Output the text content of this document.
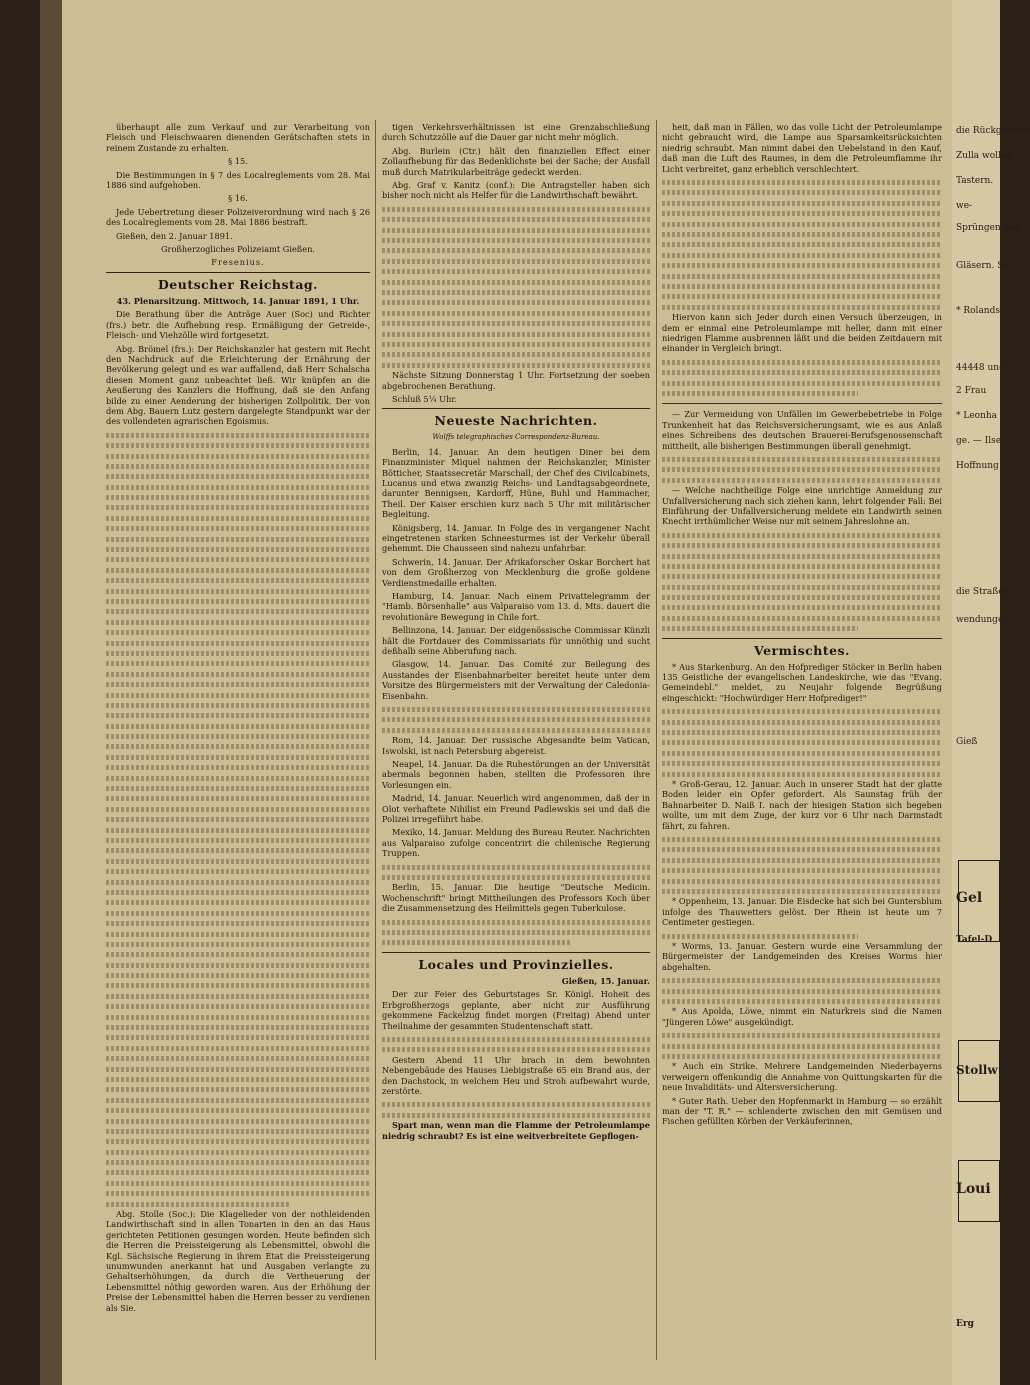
überhaupt alle zum Verkauf und zur Verarbeitung von Fleisch und Fleischwaaren dienenden Gerätschaften stets in reinem Zustande zu erhalten.

§ 15.

Die Bestimmungen in § 7 des Localreglements vom 28. Mai 1886 sind aufgehoben.

§ 16.

Jede Uebertretung dieser Polizeiverordnung wird nach § 26 des Localreglements vom 28. Mai 1886 bestraft.

Gießen, den 2. Januar 1891.

Großherzogliches Polizeiamt Gießen.

Fresenius.

Deutscher Reichstag.

43. Plenarsitzung. Mittwoch, 14. Januar 1891, 1 Uhr.

Die Berathung über die Anträge Auer (Soc) und Richter (frs.) betr. die Aufhebung resp. Ermäßigung der Getreide-, Fleisch- und Viehzölle wird fortgesetzt.

Abg. Brömel (frs.): Der Reichskanzler hat gestern mit Recht den Nachdruck auf die Erleichterung der Ernährung der Bevölkerung gelegt und es war auffallend, daß Herr Schalscha diesen Moment ganz unbeachtet ließ. Wir knüpfen an die Aeußerung des Kanzlers die Hoffnung, daß sie den Anfang bilde zu einer Aenderung der bisherigen Zollpolitik. Der von dem Abg. Bauern Lutz gestern dargelegte Standpunkt war der des vollendeten agrarischen Egoismus.

Abg. Stolle (Soc.): Die Klagelieder von der nothleidenden Landwirthschaft sind in allen Tonarten in den an das Haus gerichteten Petitionen gesungen worden. Heute befinden sich die Herren die Preissteigerung als Lebensmittel, obwohl die Kgl. Sächsische Regierung in ihrem Etat die Preissteigerung unumwunden anerkannt hat und Ausgaben verlangte zu Gehaltserhöhungen, da durch die Vertheuerung der Lebensmittel nöthig geworden waren. Aus der Erhöhung der Preise der Lebensmittel haben die Herren besser zu verdienen als Sie.

tigen Verkehrsverhältnissen ist eine Grenzabschließung durch Schutzzölle auf die Dauer gar nicht mehr möglich.

Abg. Burlein (Ctr.) hält den finanziellen Effect einer Zollaufhebung für das Bedenklichste bei der Sache; der Ausfall muß durch Matrikularbeiträge gedeckt werden.

Abg. Graf v. Kanitz (conf.): Die Antragsteller haben sich bisher noch nicht als Helfer für die Landwirthschaft bewährt.

Nächste Sitzung Donnerstag 1 Uhr. Fortsetzung der soeben abgebrochenen Berathung.

Schluß 5¼ Uhr.

Neueste Nachrichten.
Wolffs telegraphisches Correspondenz-Bureau.

Berlin, 14. Januar. An dem heutigen Diner bei dem Finanzminister Miquel nahmen der Reichskanzler, Minister Bötticher, Staatssecretär Marschall, der Chef des Civilcabinets, Lucanus und etwa zwanzig Reichs- und Landtagsabgeordnete, darunter Bennigsen, Kardorff, Hüne, Buhl und Hammacher, Theil. Der Kaiser erschien kurz nach 5 Uhr mit militärischer Begleitung.

Königsberg, 14. Januar. In Folge des in vergangener Nacht eingetretenen starken Schneesturmes ist der Verkehr überall gehemmt. Die Chausseen sind nahezu unfahrbar.

Schwerin, 14. Januar. Der Afrikaforscher Oskar Borchert hat von dem Großherzog von Mecklenburg die große goldene Verdienstmedaille erhalten.

Hamburg, 14. Januar. Nach einem Privattelegramm der "Hamb. Börsenhalle" aus Valparaiso vom 13. d. Mts. dauert die revolutionäre Bewegung in Chile fort.

Bellinzona, 14. Januar. Der eidgenössische Commissar Künzli hält die Fortdauer des Commissariats für unnöthig und sucht deßhalb seine Abberufung nach.

Glasgow, 14. Januar. Das Comité zur Beilegung des Ausstandes der Eisenbahnarbeiter bereitet heute unter dem Vorsitze des Bürgermeisters mit der Verwaltung der Caledonia-Eisenbahn.

Rom, 14. Januar. Der russische Abgesandte beim Vatican, Iswolski, ist nach Petersburg abgereist.

Neapel, 14. Januar. Da die Ruhestörungen an der Universität abermals begonnen haben, stellten die Professoren ihre Vorlesungen ein.

Madrid, 14. Januar. Neuerlich wird angenommen, daß der in Olot verhaftete Nihilist ein Freund Padlewskis sei und daß die Polizei irregeführt habe.

Mexiko, 14. Januar. Meldung des Bureau Reuter. Nachrichten aus Valparaiso zufolge concentrirt die chilenische Regierung Truppen.

Berlin, 15. Januar. Die heutige "Deutsche Medicin. Wochenschrift" bringt Mittheilungen des Professors Koch über die Zusammensetzung des Heilmittels gegen Tuberkulose.

Locales und Provinzielles.

Gießen, 15. Januar.

Der zur Feier des Geburtstages Sr. Königl. Hoheit des Erbgroßherzogs geplante, aber nicht zur Ausführung gekommene Fackelzug findet morgen (Freitag) Abend unter Theilnahme der gesammten Studentenschaft statt.

Gestern Abend 11 Uhr brach in dem bewohnten Nebengebäude des Hauses Liebigstraße 65 ein Brand aus, der den Dachstock, in welchem Heu und Stroh aufbewahrt wurde, zerstörte.

Spart man, wenn man die Flamme der Petroleumlampe niedrig schraubt? Es ist eine weitverbreitete Gepflogen-

heit, daß man in Fällen, wo das volle Licht der Petroleumlampe nicht gebraucht wird, die Lampe aus Sparsamkeitsrücksichten niedrig schraubt. Man nimmt dabei den Uebelstand in den Kauf, daß man die Luft des Raumes, in dem die Petroleumflamme ihr Licht verbreitet, ganz erheblich verschlechtert.

Hiervon kann sich Jeder durch einen Versuch überzeugen, in dem er einmal eine Petroleumlampe mit heller, dann mit einer niedrigen Flamme ausbrennen läßt und die beiden Zeitdauern mit einander in Vergleich bringt.

— Zur Vermeidung von Unfällen im Gewerbebetriebe in Folge Trunkenheit hat das Reichsversicherungsamt, wie es aus Anlaß eines Schreibens des deutschen Brauerei-Berufsgenossenschaft mittheilt, alle bisherigen Bestimmungen überall genehmigt.

— Welche nachtheilige Folge eine unrichtige Anmeldung zur Unfallversicherung nach sich ziehen kann, lehrt folgender Fall: Bei Einführung der Unfallversicherung meldete ein Landwirth seinen Knecht irrthümlicher Weise nur mit seinem Jahreslohne an.

Vermischtes.

* Aus Starkenburg. An den Hofprediger Stöcker in Berlin haben 135 Geistliche der evangelischen Landeskirche, wie das "Evang. Gemeindebl." meldet, zu Neujahr folgende Begrüßung eingeschickt: "Hochwürdiger Herr Hofprediger!"

* Groß-Gerau, 12. Januar. Auch in unserer Stadt hat der glatte Boden leider ein Opfer gefordert. Als Saunstag früh der Bahnarbeiter D. Naiß I. nach der hiesigen Station sich begeben wollte, um mit dem Zuge, der kurz vor 6 Uhr nach Darmstadt fährt, zu fahren.

* Oppenheim, 13. Januar. Die Eisdecke hat sich bei Guntersblum infolge des Thauwetters gelöst. Der Rhein ist heute um 7 Centimeter gestiegen.

* Worms, 13. Januar. Gestern wurde eine Versammlung der Bürgermeister der Landgemeinden des Kreises Worms hier abgehalten.

* Aus Apolda, Löwe, nimmt ein Naturkreis sind die Namen "Jüngeren Löwe" ausgekündigt.

* Auch ein Strike. Mehrere Landgemeinden Niederbayerns verweigern offenkundig die Annahme von Quittungskarten für die neue Invaliditäts- und Altersversicherung.

* Guter Rath. Ueber den Hopfenmarkt in Hamburg — so erzählt man der "T. R." — schlenderte zwischen den mit Gemüsen und Fischen gefüllten Körben der Verkäuferinnen,

die Rückgeschri
Zulla wollen
Tastern.
we-
Sprüngen der
Gläsern. Si
* Rolands
44448 und
2 Frau
* Leonha
ge. — Ilse
Hoffnung
die Straßen
wendungen
Gieß
Gel
Tafel-D
Stollw
Loui
Erg
